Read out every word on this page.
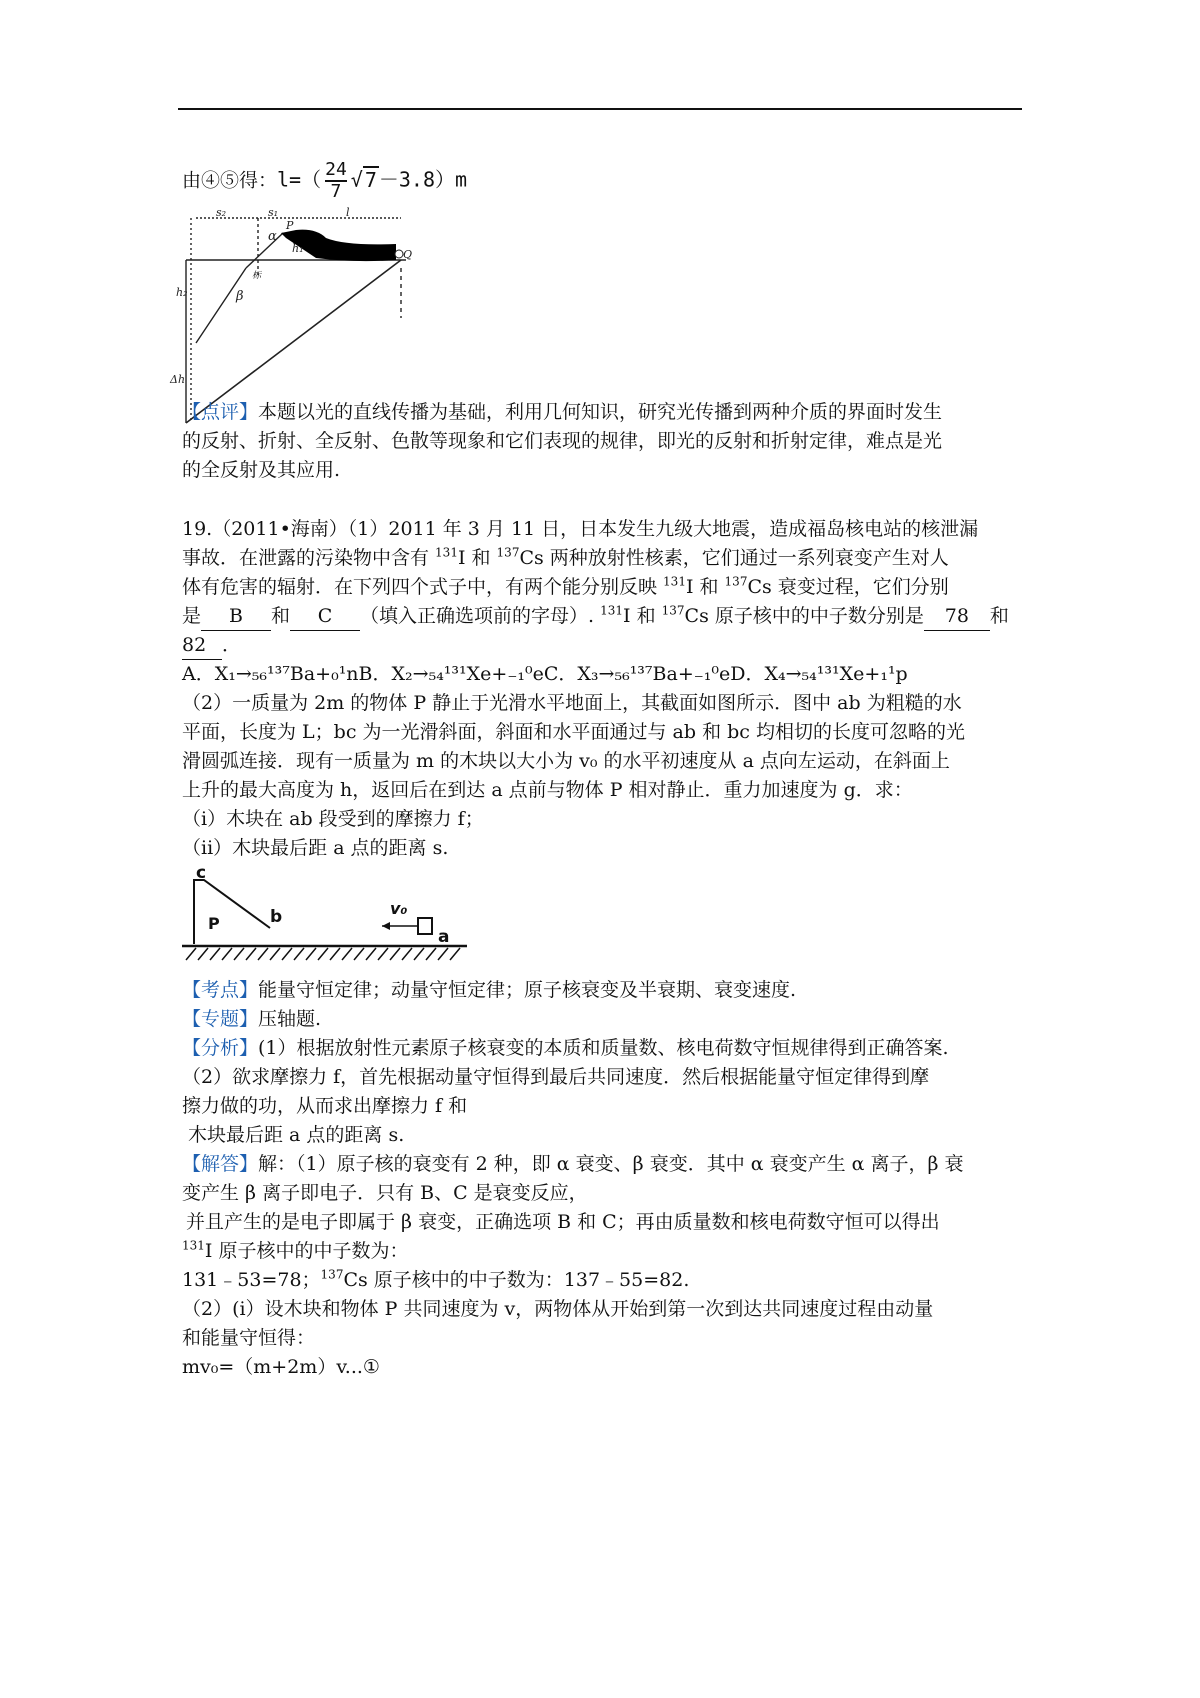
由④⑤得：$l=( \frac{24}{7}$ √ 7 －3.8）m
s₂	s₁	l
α
P
h₁	Q
β
标
h₂
Δh
【点评】本题以光的直线传播为基础，利用几何知识，研究光传播到两种介质的界面时发生
的反射、折射、全反射、色散等现象和它们表现的规律，即光的反射和折射定律，难点是光
的全反射及其应用.
19.（2011•海南）（1）2011 年 3 月 11 日，日本发生九级大地震，造成福岛核电站的核泄漏
事故．在泄露的污染物中含有 $^{131}$I 和 $^{137}$Cs 两种放射性核素，它们通过一系列衰变产生对人
体有危害的辐射．在下列四个式子中，有两个能分别反映 $^{131}$I 和 $^{137}$Cs 衰变过程，它们分别
是 B 和 C （填入正确选项前的字母）. $^{131}$I 和 $^{137}$Cs 原子核中的中子数分别是 78 和
82 ．
A．X₁→₅₆¹³⁷Ba+₀¹nB．X₂→₅₄¹³¹Xe+₋₁⁰eC．X₃→₅₆¹³⁷Ba+₋₁⁰eD．X₄→₅₄¹³¹Xe+₁¹p
（2）一质量为 2m 的物体 P 静止于光滑水平地面上，其截面如图所示．图中 ab 为粗糙的水
平面，长度为 L；bc 为一光滑斜面，斜面和水平面通过与 ab 和 bc 均相切的长度可忽略的光
滑圆弧连接．现有一质量为 m 的木块以大小为 v₀ 的水平初速度从 a 点向左运动，在斜面上
上升的最大高度为 h，返回后在到达 a 点前与物体 P 相对静止．重力加速度为 g．求：
（i）木块在 ab 段受到的摩擦力 f；
（ii）木块最后距 a 点的距离 s.
c
b
P
v₀
a
【考点】能量守恒定律；动量守恒定律；原子核衰变及半衰期、衰变速度.
【专题】压轴题.
【分析】(1）根据放射性元素原子核衰变的本质和质量数、核电荷数守恒规律得到正确答案.
（2）欲求摩擦力 f，首先根据动量守恒得到最后共同速度．然后根据能量守恒定律得到摩
擦力做的功，从而求出摩擦力 f 和
木块最后距 a 点的距离 s.
【解答】解：（1）原子核的衰变有 2 种，即 α 衰变、β 衰变．其中 α 衰变产生 α 离子，β 衰
变产生 β 离子即电子．只有 B、C 是衰变反应，
并且产生的是电子即属于 β 衰变，正确选项 B 和 C；再由质量数和核电荷数守恒可以得出
$^{131}$I 原子核中的中子数为：
131﹣53=78；$^{137}$Cs 原子核中的中子数为：137﹣55=82.
（2）(i）设木块和物体 P 共同速度为 v，两物体从开始到第一次到达共同速度过程由动量
和能量守恒得：
mv₀=（m+2m）v...①
